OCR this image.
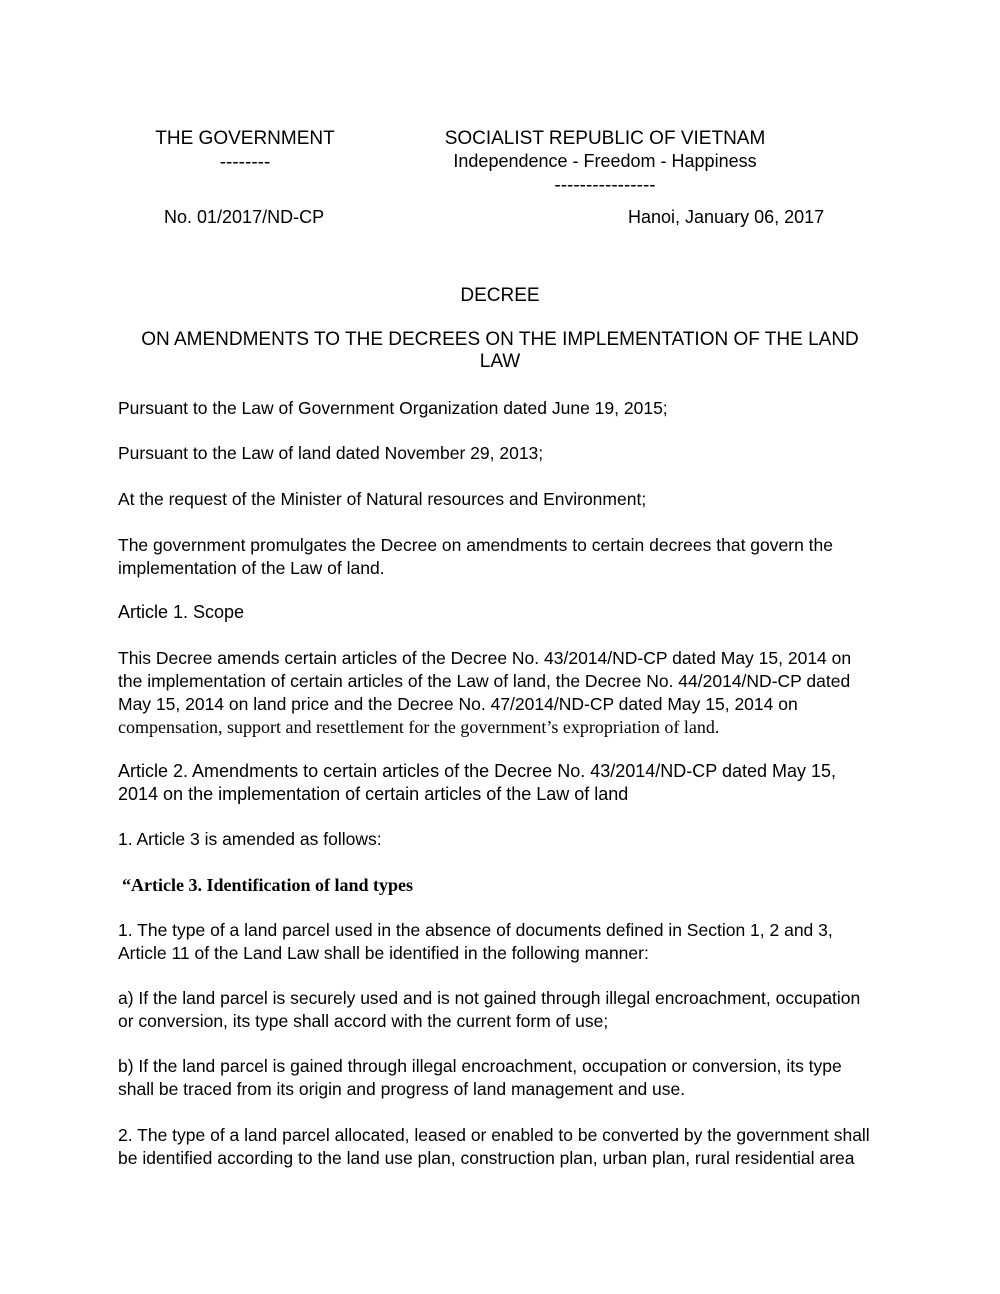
THE GOVERNMENT
--------
SOCIALIST REPUBLIC OF VIETNAM
Independence - Freedom - Happiness
----------------
No. 01/2017/ND-CP	Hanoi, January 06, 2017
DECREE
ON AMENDMENTS TO THE DECREES ON THE IMPLEMENTATION OF THE LAND
LAW
Pursuant to the Law of Government Organization dated June 19, 2015;
Pursuant to the Law of land dated November 29, 2013;
At the request of the Minister of Natural resources and Environment;
The government promulgates the Decree on amendments to certain decrees that govern the implementation of the Law of land.
Article 1. Scope
This Decree amends certain articles of the Decree No. 43/2014/ND-CP dated May 15, 2014 on the implementation of certain articles of the Law of land, the Decree No. 44/2014/ND-CP dated May 15, 2014 on land price and the Decree No. 47/2014/ND-CP dated May 15, 2014 on compensation, support and resettlement for the government’s expropriation of land.
Article 2. Amendments to certain articles of the Decree No. 43/2014/ND-CP dated May 15, 2014 on the implementation of certain articles of the Law of land
1. Article 3 is amended as follows:
“Article 3. Identification of land types
1. The type of a land parcel used in the absence of documents defined in Section 1, 2 and 3, Article 11 of the Land Law shall be identified in the following manner:
a) If the land parcel is securely used and is not gained through illegal encroachment, occupation or conversion, its type shall accord with the current form of use;
b) If the land parcel is gained through illegal encroachment, occupation or conversion, its type shall be traced from its origin and progress of land management and use.
2. The type of a land parcel allocated, leased or enabled to be converted by the government shall be identified according to the land use plan, construction plan, urban plan, rural residential area
